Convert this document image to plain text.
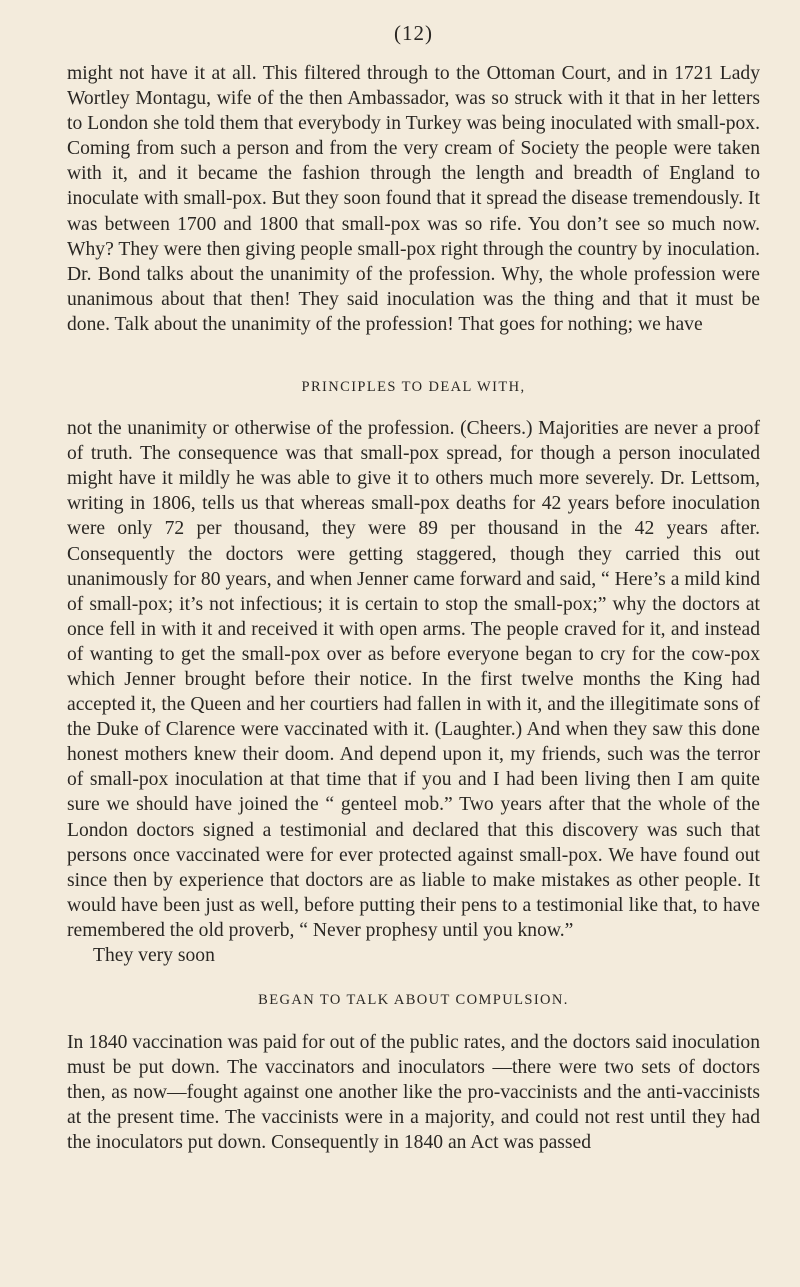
(12)

might not have it at all. This filtered through to the Ottoman Court, and in 1721 Lady Wortley Montagu, wife of the then Ambassador, was so struck with it that in her letters to London she told them that everybody in Turkey was being inoculated with small-pox. Coming from such a person and from the very cream of Society the people were taken with it, and it became the fashion through the length and breadth of England to inoculate with small-pox. But they soon found that it spread the disease tremendously. It was between 1700 and 1800 that small-pox was so rife. You don’t see so much now. Why? They were then giving people small-pox right through the country by inoculation. Dr. Bond talks about the unanimity of the profession. Why, the whole profession were unanimous about that then! They said inoculation was the thing and that it must be done. Talk about the unanimity of the profession! That goes for nothing; we have

PRINCIPLES TO DEAL WITH,

not the unanimity or otherwise of the profession. (Cheers.) Majorities are never a proof of truth. The consequence was that small-pox spread, for though a person inoculated might have it mildly he was able to give it to others much more severely. Dr. Lettsom, writing in 1806, tells us that whereas small-pox deaths for 42 years before inoculation were only 72 per thousand, they were 89 per thousand in the 42 years after. Consequently the doctors were getting staggered, though they carried this out unanimously for 80 years, and when Jenner came forward and said, “ Here’s a mild kind of small-pox; it’s not infectious; it is certain to stop the small-pox;” why the doctors at once fell in with it and received it with open arms. The people craved for it, and instead of wanting to get the small-pox over as before everyone began to cry for the cow-pox which Jenner brought before their notice. In the first twelve months the King had accepted it, the Queen and her courtiers had fallen in with it, and the illegitimate sons of the Duke of Clarence were vaccinated with it. (Laughter.) And when they saw this done honest mothers knew their doom. And depend upon it, my friends, such was the terror of small-pox inoculation at that time that if you and I had been living then I am quite sure we should have joined the “ genteel mob.” Two years after that the whole of the London doctors signed a testimonial and declared that this discovery was such that persons once vaccinated were for ever protected against small-pox. We have found out since then by experience that doctors are as liable to make mistakes as other people. It would have been just as well, before putting their pens to a testimonial like that, to have remembered the old proverb, “ Never prophesy until you know.”

They very soon

BEGAN TO TALK ABOUT COMPULSION.

In 1840 vaccination was paid for out of the public rates, and the doctors said inoculation must be put down. The vaccinators and inoculators —there were two sets of doctors then, as now—fought against one another like the pro-vaccinists and the anti-vaccinists at the present time. The vaccinists were in a majority, and could not rest until they had the inoculators put down. Consequently in 1840 an Act was passed
